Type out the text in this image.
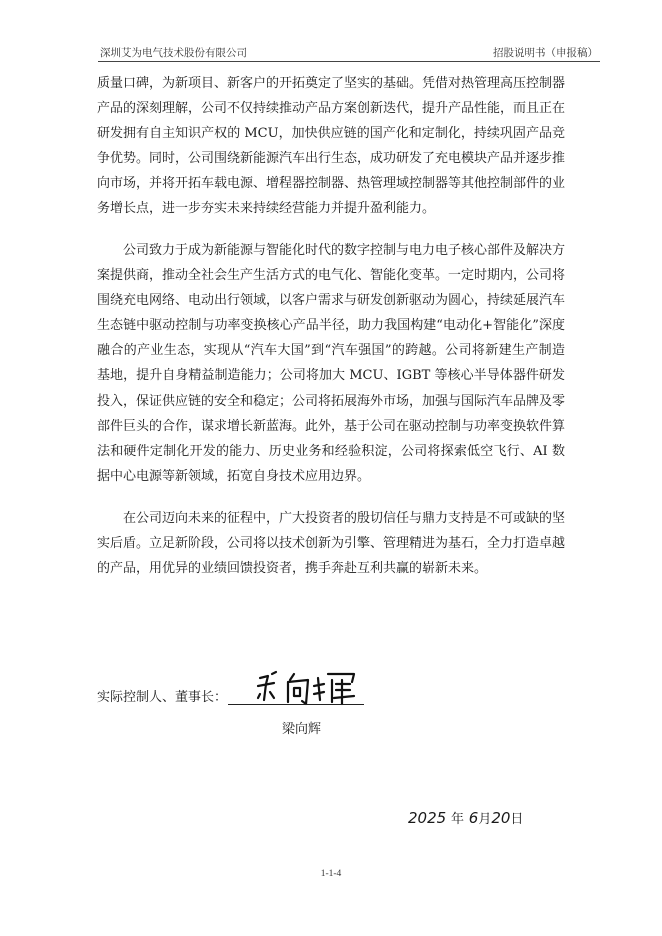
深圳艾为电气技术股份有限公司	招股说明书（申报稿）

质量口碑，为新项目、新客户的开拓奠定了坚实的基础。凭借对热管理高压控制器产品的深刻理解，公司不仅持续推动产品方案创新迭代，提升产品性能，而且正在研发拥有自主知识产权的 MCU，加快供应链的国产化和定制化，持续巩固产品竞争优势。同时，公司围绕新能源汽车出行生态，成功研发了充电模块产品并逐步推向市场，并将开拓车载电源、增程器控制器、热管理域控制器等其他控制部件的业务增长点，进一步夯实未来持续经营能力并提升盈利能力。

公司致力于成为新能源与智能化时代的数字控制与电力电子核心部件及解决方案提供商，推动全社会生产生活方式的电气化、智能化变革。一定时期内，公司将围绕充电网络、电动出行领域，以客户需求与研发创新驱动为圆心，持续延展汽车生态链中驱动控制与功率变换核心产品半径，助力我国构建“电动化+智能化”深度融合的产业生态，实现从“汽车大国”到“汽车强国”的跨越。公司将新建生产制造基地，提升自身精益制造能力；公司将加大 MCU、IGBT 等核心半导体器件研发投入，保证供应链的安全和稳定；公司将拓展海外市场，加强与国际汽车品牌及零部件巨头的合作，谋求增长新蓝海。此外，基于公司在驱动控制与功率变换软件算法和硬件定制化开发的能力、历史业务和经验积淀，公司将探索低空飞行、AI 数据中心电源等新领域，拓宽自身技术应用边界。

在公司迈向未来的征程中，广大投资者的殷切信任与鼎力支持是不可或缺的坚实后盾。立足新阶段，公司将以技术创新为引擎、管理精进为基石，全力打造卓越的产品，用优异的业绩回馈投资者，携手奔赴互利共赢的崭新未来。

实际控制人、董事长：
梁向辉
2025 年 6月20日
1-1-4
